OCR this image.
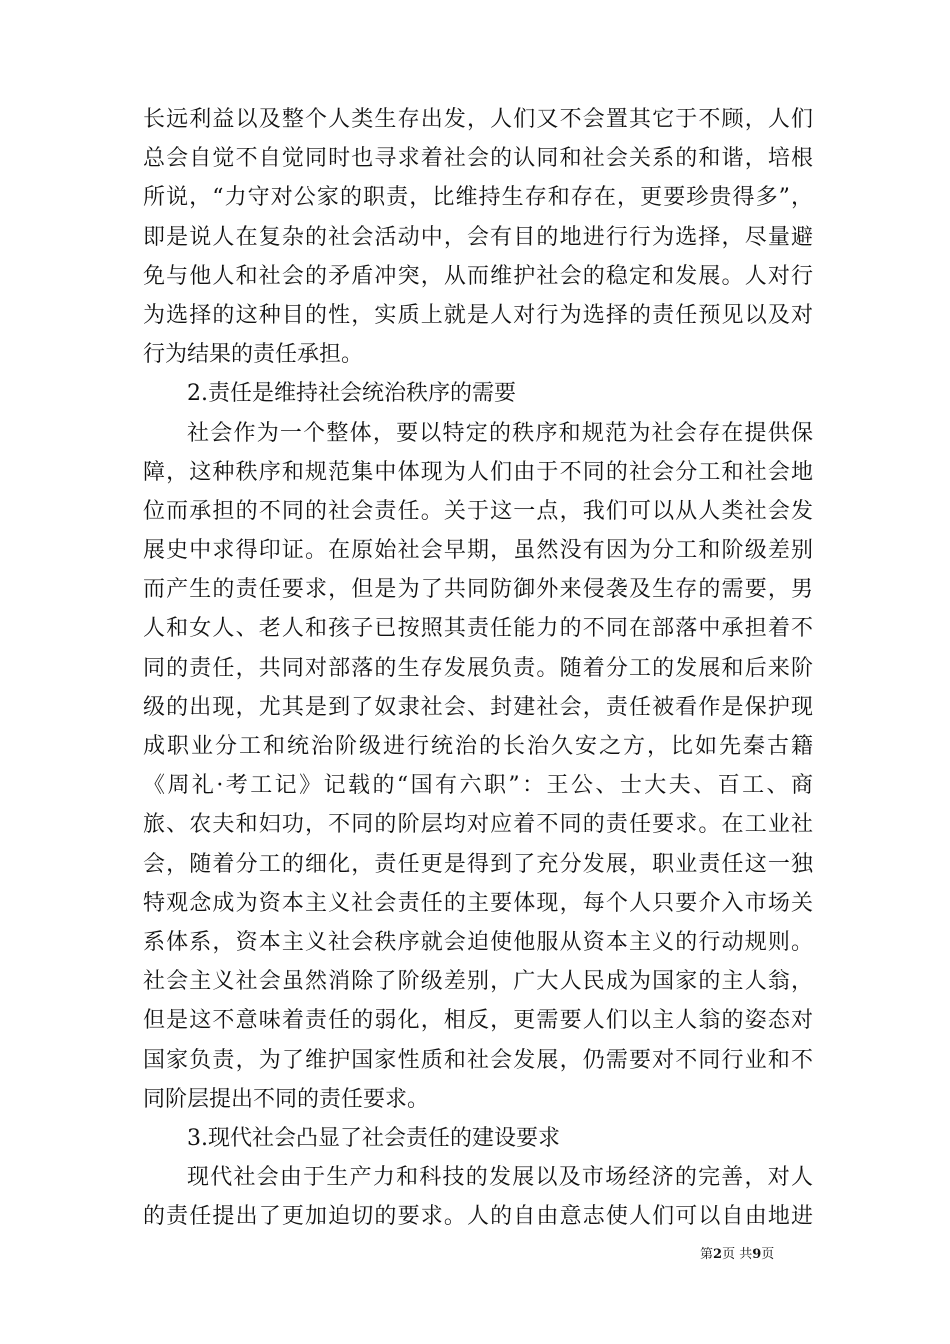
长远利益以及整个人类生存出发，人们又不会置其它于不顾，人们
总会自觉不自觉同时也寻求着社会的认同和社会关系的和谐，培根
所说，“力守对公家的职责，比维持生存和存在，更要珍贵得多”，
即是说人在复杂的社会活动中，会有目的地进行行为选择，尽量避
免与他人和社会的矛盾冲突，从而维护社会的稳定和发展。人对行
为选择的这种目的性，实质上就是人对行为选择的责任预见以及对
行为结果的责任承担。
2.责任是维持社会统治秩序的需要
社会作为一个整体，要以特定的秩序和规范为社会存在提供保
障，这种秩序和规范集中体现为人们由于不同的社会分工和社会地
位而承担的不同的社会责任。关于这一点，我们可以从人类社会发
展史中求得印证。在原始社会早期，虽然没有因为分工和阶级差别
而产生的责任要求，但是为了共同防御外来侵袭及生存的需要，男
人和女人、老人和孩子已按照其责任能力的不同在部落中承担着不
同的责任，共同对部落的生存发展负责。随着分工的发展和后来阶
级的出现，尤其是到了奴隶社会、封建社会，责任被看作是保护现
成职业分工和统治阶级进行统治的长治久安之方，比如先秦古籍
《周礼·考工记》记载的“国有六职”：王公、士大夫、百工、商
旅、农夫和妇功，不同的阶层均对应着不同的责任要求。在工业社
会，随着分工的细化，责任更是得到了充分发展，职业责任这一独
特观念成为资本主义社会责任的主要体现，每个人只要介入市场关
系体系，资本主义社会秩序就会迫使他服从资本主义的行动规则。
社会主义社会虽然消除了阶级差别，广大人民成为国家的主人翁，
但是这不意味着责任的弱化，相反，更需要人们以主人翁的姿态对
国家负责，为了维护国家性质和社会发展，仍需要对不同行业和不
同阶层提出不同的责任要求。
3.现代社会凸显了社会责任的建设要求
现代社会由于生产力和科技的发展以及市场经济的完善，对人
的责任提出了更加迫切的要求。人的自由意志使人们可以自由地进
第2页 共9页
